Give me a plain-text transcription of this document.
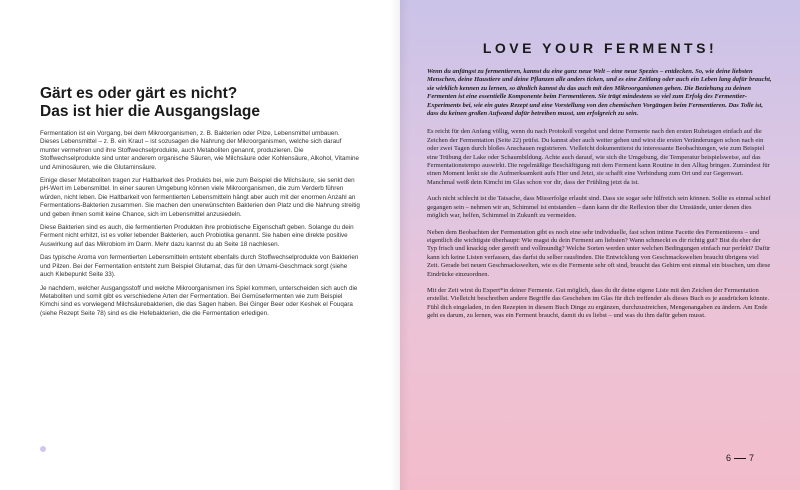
Gärt es oder gärt es nicht?
Das ist hier die Ausgangslage

Fermentation ist ein Vorgang, bei dem Mikroorganismen, z. B. Bakterien oder Pilze, Lebensmittel umbauen. Dieses Lebensmittel – z. B. ein Kraut – ist sozusagen die Nahrung der Mikroorganismen, welche sich darauf munter vermehren und ihre Stoffwechselprodukte, auch Metaboliten genannt, produzieren. Die Stoffwechselprodukte sind unter anderem organische Säuren, wie Milchsäure oder Kohlensäure, Alkohol, Vitamine und Aminosäuren, wie die Glutaminsäure.

Einige dieser Metaboliten tragen zur Haltbarkeit des Produkts bei, wie zum Beispiel die Milchsäure, sie senkt den pH-Wert im Lebensmittel. In einer sauren Umgebung können viele Mikroorganismen, die zum Verderb führen würden, nicht leben. Die Haltbarkeit von fermentierten Lebensmitteln hängt aber auch mit der enormen Anzahl an Fermentations-Bakterien zusammen. Sie machen den unerwünschten Bakterien den Platz und die Nahrung streitig und geben ihnen somit keine Chance, sich im Lebensmittel anzusiedeln.

Diese Bakterien sind es auch, die fermentierten Produkten ihre probiotische Eigenschaft geben. Solange du dein Ferment nicht erhitzt, ist es voller lebender Bakterien, auch Probiotika genannt. Sie haben eine direkte positive Auswirkung auf das Mikrobiom im Darm. Mehr dazu kannst du ab Seite 18 nachlesen.

Das typische Aroma von fermentierten Lebensmitteln entsteht ebenfalls durch Stoffwechselprodukte von Bakterien und Pilzen. Bei der Fermentation entsteht zum Beispiel Glutamat, das für den Umami-Geschmack sorgt (siehe auch Klebepunkt Seite 33).

Je nachdem, welcher Ausgangsstoff und welche Mikroorganismen ins Spiel kommen, unterscheiden sich auch die Metaboliten und somit gibt es verschiedene Arten der Fermentation. Bei Gemüsefermenten wie zum Beispiel Kimchi sind es vorwiegend Milchsäurebakterien, die das Sagen haben. Bei Ginger Beer oder Keshek el Fouqara (siehe Rezept Seite 78) sind es die Hefebakterien, die die Fermentation erledigen.

LOVE YOUR FERMENTS!

Wenn du anfängst zu fermentieren, kannst du eine ganz neue Welt – eine neue Spezies – entdecken. So, wie deine liebsten Menschen, deine Haustiere und deine Pflanzen alle anders ticken, und es eine Zeitlang oder auch ein Leben lang dafür braucht, sie wirklich kennen zu lernen, so ähnlich kannst du das auch mit den Mikroorganismen gehen. Die Beziehung zu deinen Fermenten ist eine essentielle Komponente beim Fermentieren. Sie trägt mindestens so viel zum Erfolg des Fermentier-Experiments bei, wie ein gutes Rezept und eine Vorstellung von den chemischen Vorgängen beim Fermentieren. Das Tolle ist, dass du keinen großen Aufwand dafür betreiben musst, um erfolgreich zu sein.

Es reicht für den Anfang völlig, wenn du nach Protokoll vorgehst und deine Fermente nach den ersten Ruhetagen einfach auf die Zeichen der Fermentation (Seite 22) prüfst. Du kannst aber auch weiter gehen und wirst die ersten Veränderungen schon nach ein oder zwei Tagen durch bloßes Anschauen registrieren. Vielleicht dokumentierst du interessante Beobachtungen, wie zum Beispiel eine Trübung der Lake oder Schaumbildung. Achte auch darauf, wie sich die Umgebung, die Temperatur beispielsweise, auf das Fermentationstempo auswirkt. Die regelmäßige Beschäftigung mit dem Ferment kann Routine in den Alltag bringen. Zumindest für einen Moment lenkt sie die Aufmerksamkeit aufs Hier und Jetzt, sie schafft eine Verbindung zum Ort und zur Gegenwart. Manchmal weiß dein Kimchi im Glas schon vor dir, dass der Frühling jetzt da ist.

Auch nicht schlecht ist die Tatsache, dass Misserfolge erlaubt sind. Dass sie sogar sehr hilfreich sein können. Sollte es einmal schief gegangen sein – nehmen wir an, Schimmel ist entstanden – dann kann dir die Reflexion über die Umstände, unter denen dies möglich war, helfen, Schimmel in Zukunft zu vermeiden.

Neben dem Beobachten der Fermentation gibt es noch eine sehr individuelle, fast schon intime Facette des Fermentierens – und eigentlich die wichtigste überhaupt: Wie magst du dein Ferment am liebsten? Wann schmeckt es dir richtig gut? Bist du eher der Typ frisch und knackig oder gereift und vollmundig? Welche Sorten werden unter welchen Bedingungen einfach nur perfekt? Dafür kann ich keine Listen verfassen, das darfst du selber rausfinden. Die Entwicklung von Geschmackswelten braucht übrigens viel Zeit. Gerade bei neuen Geschmackswelten, wie es die Fermente sehr oft sind, braucht das Gehirn erst einmal ein bisschen, um diese Eindrücke einzuordnen.

Mit der Zeit wirst du Expert*in deiner Fermente. Gut möglich, dass du dir deine eigene Liste mit den Zeichen der Fermentation erstellst. Vielleicht beschreiben andere Begriffe das Geschehen im Glas für dich treffender als dieses Buch es je ausdrücken könnte. Fühl dich eingeladen, in den Rezepten in diesem Buch Dinge zu ergänzen, durchzustreichen, Mengenangaben zu ändern. Am Ende geht es darum, zu lernen, was ein Ferment braucht, damit du es liebst – und was du ihm dafür geben musst.

6 7
